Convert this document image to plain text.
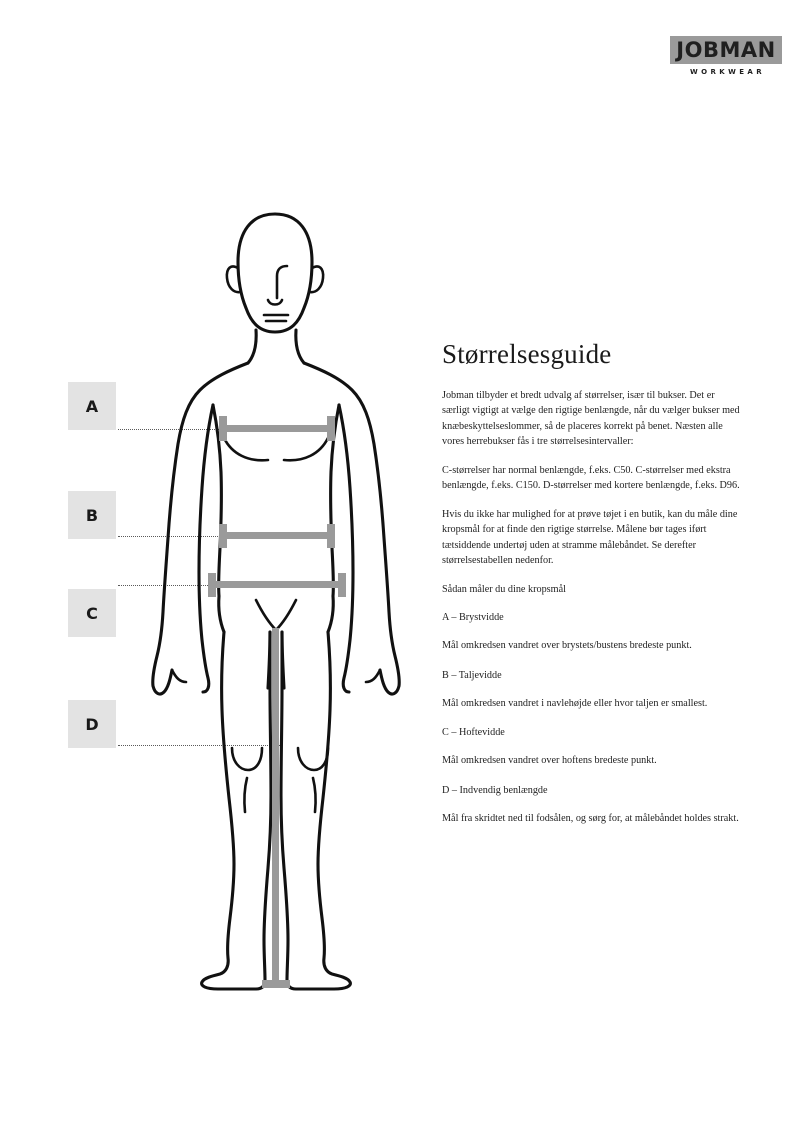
JOBMAN
WORKWEAR
A
B
C
D
Størrelsesguide

Jobman tilbyder et bredt udvalg af størrelser, især til bukser. Det er særligt vigtigt at vælge den rigtige benlængde, når du vælger bukser med knæbeskyttelseslommer, så de placeres korrekt på benet. Næsten alle vores herrebukser fås i tre størrelsesintervaller:

C-størrelser har normal benlængde, f.eks. C50. C-størrelser med ekstra benlængde, f.eks. C150. D-størrelser med kortere benlængde, f.eks. D96.

Hvis du ikke har mulighed for at prøve tøjet i en butik, kan du måle dine kropsmål for at finde den rigtige størrelse. Målene bør tages iført tætsiddende undertøj uden at stramme målebåndet. Se derefter størrelsestabellen nedenfor.

Sådan måler du dine kropsmål

A – Brystvidde

Mål omkredsen vandret over brystets/bustens bredeste punkt.

B – Taljevidde

Mål omkredsen vandret i navlehøjde eller hvor taljen er smallest.

C – Hoftevidde

Mål omkredsen vandret over hoftens bredeste punkt.

D – Indvendig benlængde

Mål fra skridtet ned til fodsålen, og sørg for, at målebåndet holdes strakt.
